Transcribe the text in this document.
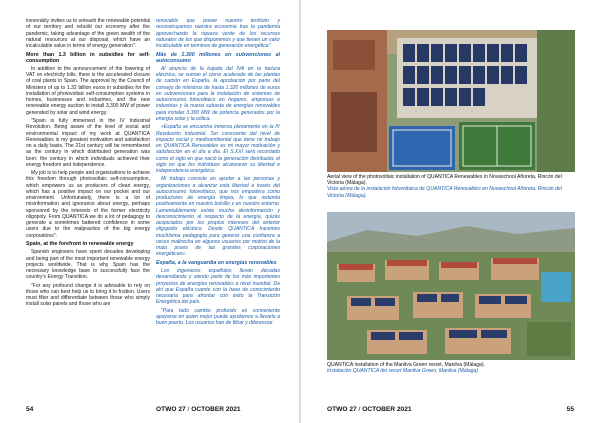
inexorably invites us to unleash the renewable potential of our territory and rebuild our economy after the pandemic, taking advantage of the green wealth of the natural resources at our disposal, which have an incalculable value in terms of energy generation".

More than 1.3 billion in subsidies for self-consumption

In addition to the announcement of the lowering of VAT on electricity bills, there is the accelerated closure of coal plants in Spain. The approval by the Council of Ministers of up to 1.32 billion euros in subsidies for the installation of photovoltaic self-consumption systems in homes, businesses and industries, and the new renewable energy auction to install 3,300 MW of power generated by solar and wind energy.

"Spain is fully immersed in the IV Industrial Revolution. Being aware of the level of social and environmental impact of my work at QUANTICA Renewables is my greatest motivation and satisfaction on a daily basis. The 21st century will be remembered as the century in which distributed generation was born: the century in which individuals achieved their energy freedom and independence.

My job is to help people and organizations to achieve this freedom through photovoltaic self-consumption, which empowers us as producers of clean energy, which has a positive impact on our pocket and our environment. Unfortunately, there is a lot of misinformation and ignorance about energy, perhaps sponsored by the interests of the former electricity oligopoly. From QUANTICA we do a lot of pedagogy to generate a sometimes battered confidence in some users due to the malpractice of the big energy corporations".

Spain, at the forefront in renewable energy

Spanish engineers have spent decades developing and being part of the most important renewable energy projects worldwide. That is why Spain has the necessary knowledge base to successfully face the country's Energy Transition.

"For any profound change it is advisable to rely on those who can best help us to bring it to fruition. Users must filter and differentiate between those who simply install solar panels and those who are

renovable que posee nuestro territorio y reconstruyamos nuestra economía tras la pandemia aprovechando la riqueza verde de los recursos naturales de los que disponemos y que tienen un valor incalculable en términos de generación energética".

Más de 1.300 millones en subvenciones al autoconsumo

Al anuncio de la bajada del IVA en la factura eléctrica, se suman el cierre acelerado de las plantas de carbón en España, la aprobación por parte del consejo de ministros de hasta 1.320 millones de euros en subvenciones para la instalación de sistemas de autoconsumo fotovoltaico en hogares, empresas e industrias y la nueva subasta de energías renovables para instalar 3.300 MW de potencia generados por la energía solar y la eólica.

«España se encuentra inmersa plenamente en la IV Revolución Industrial. Ser consciente del nivel de impacto social y medioambiental que tiene mi trabajo en QUANTICA Renovables es mi mayor motivación y satisfacción en el día a día. El S.XXI será recordado como el siglo en que nació la generación distribuida: el siglo en que los individuos alcanzaron su libertad e independencia energética.

Mi trabajo consiste en ayudar a las personas y organizaciones a alcanzar esta libertad a través del autoconsumo fotovoltaico, que nos empodera como productores de energía limpia, lo que redunda positivamente en nuestro bolsillo y en nuestro entorno. Lamentablemente existe mucha desinformación y desconocimiento al respecto de la energía, quizás auspiciados por los propios intereses del anterior oligopolio eléctrico. Desde QUANTICA hacemos muchísima pedagogía para generar una confianza a veces maltrecha en algunos usuarios por motivo de la mala praxis de las grandes corporaciones energéticas».

España, a la vanguardia en energías renovables

Los ingenieros españoles llevan décadas desarrollando y siendo parte de los más importantes proyectos de energías renovables a nivel mundial. De ahí que España cuente con la base de conocimiento necesaria para afrontar con éxito la Transición Energética del país.

"Para todo cambio profundo es conveniente apoyarse en quien mejor puede ayudarnos a llevarlo a buen puerto. Los usuarios han de filtrar y diferenciar

54	OTWO 27 / OCTOBER 2021
Aerial view of the photovoltaic installation of QUANTICA Renewables in Novaschool Añoreta, Rincón del Victoria (Málaga).
Vista aérea de la instalación fotovoltaica de QUANTICA Renovables en Novaschool Añoreta, Rincón del Victoria (Málaga).
QUANTICA installation of the Manilva Green resort, Manilva (Málaga).
Instalación QUANTICA del resort Manilva Green, Manilva (Málaga)
OTWO 27 / OCTOBER 2021	55
